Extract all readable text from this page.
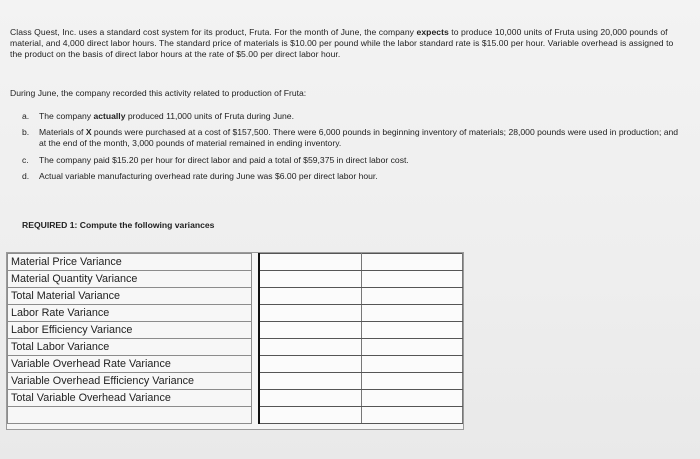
Class Quest, Inc. uses a standard cost system for its product, Fruta. For the month of June, the company expects to produce 10,000 units of Fruta using 20,000 pounds of material, and 4,000 direct labor hours. The standard price of materials is $10.00 per pound while the labor standard rate is $15.00 per hour. Variable overhead is assigned to the product on the basis of direct labor hours at the rate of $5.00 per direct labor hour.
During June, the company recorded this activity related to production of Fruta:
a. The company actually produced 11,000 units of Fruta during June.
b. Materials of X pounds were purchased at a cost of $157,500. There were 6,000 pounds in beginning inventory of materials; 28,000 pounds were used in production; and at the end of the month, 3,000 pounds of material remained in ending inventory.
c. The company paid $15.20 per hour for direct labor and paid a total of $59,375 in direct labor cost.
d. Actual variable manufacturing overhead rate during June was $6.00 per direct labor hour.
REQUIRED 1: Compute the following variances
Material Price Variance			
Material Quantity Variance			
Total Material Variance			
Labor Rate Variance			
Labor Efficiency Variance			
Total Labor Variance			
Variable Overhead Rate Variance			
Variable Overhead Efficiency Variance			
Total Variable Overhead Variance			
